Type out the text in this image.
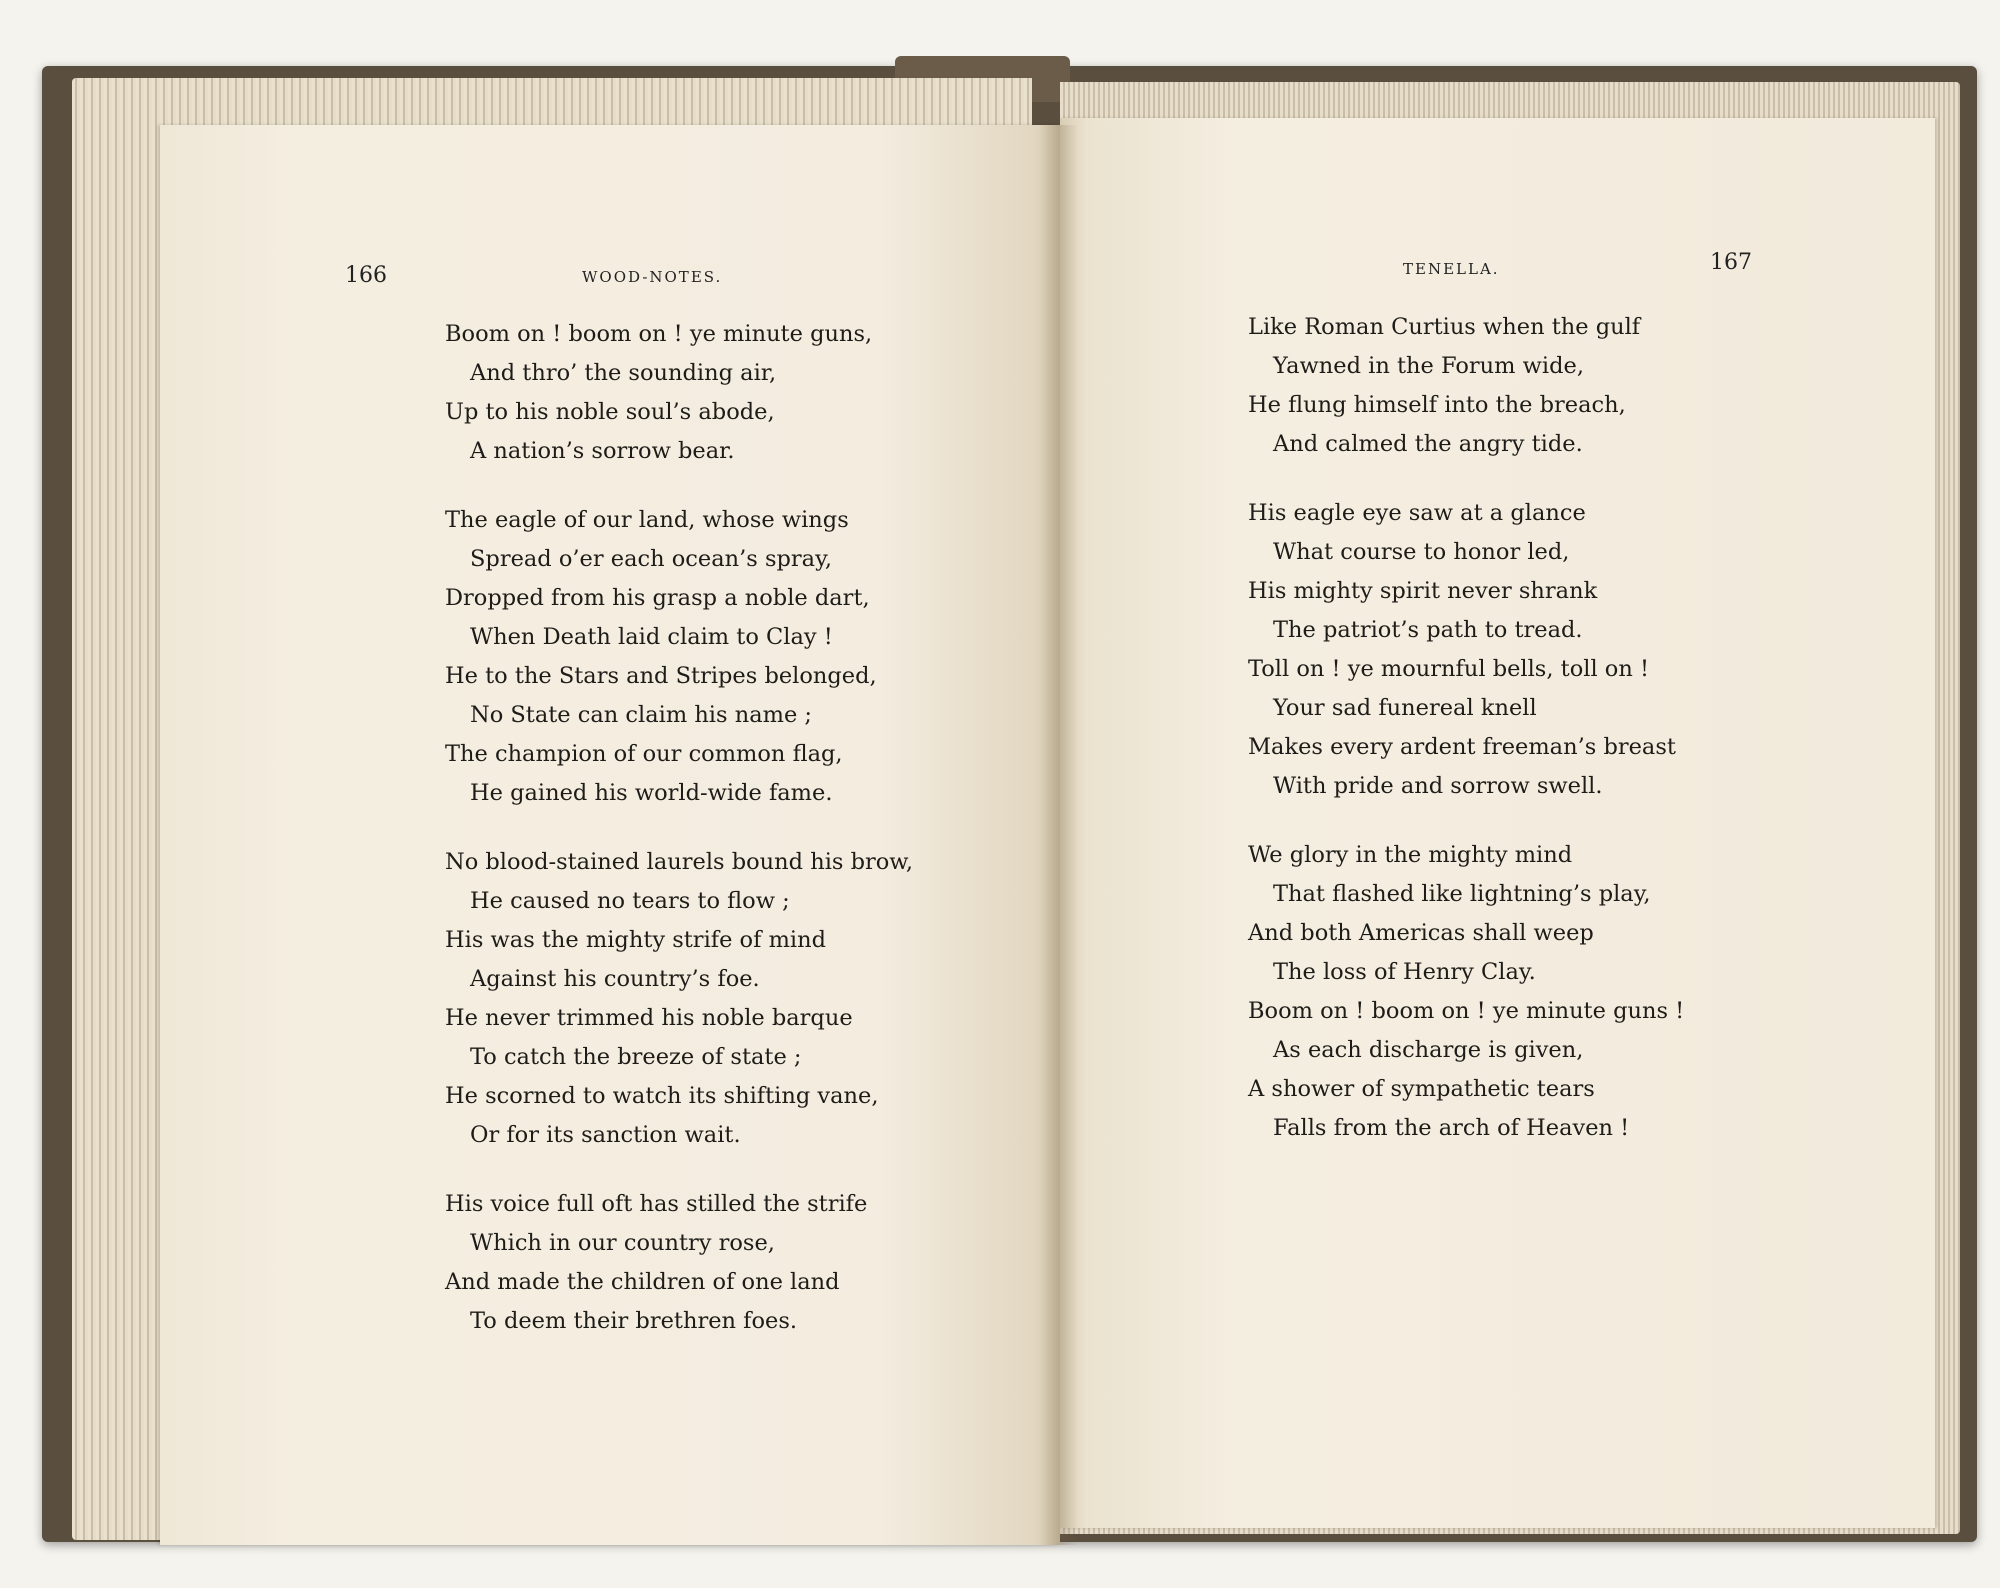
166	WOOD-NOTES.
Boom on ! boom on ! ye minute guns,
And thro’ the sounding air,
Up to his noble soul’s abode,
A nation’s sorrow bear.
The eagle of our land, whose wings
Spread o’er each ocean’s spray,
Dropped from his grasp a noble dart,
When Death laid claim to Clay !
He to the Stars and Stripes belonged,
No State can claim his name ;
The champion of our common flag,
He gained his world-wide fame.
No blood-stained laurels bound his brow,
He caused no tears to flow ;
His was the mighty strife of mind
Against his country’s foe.
He never trimmed his noble barque
To catch the breeze of state ;
He scorned to watch its shifting vane,
Or for its sanction wait.
His voice full oft has stilled the strife
Which in our country rose,
And made the children of one land
To deem their brethren foes.
167
TENELLA.
Like Roman Curtius when the gulf
Yawned in the Forum wide,
He flung himself into the breach,
And calmed the angry tide.
His eagle eye saw at a glance
What course to honor led,
His mighty spirit never shrank
The patriot’s path to tread.
Toll on ! ye mournful bells, toll on !
Your sad funereal knell
Makes every ardent freeman’s breast
With pride and sorrow swell.
We glory in the mighty mind
That flashed like lightning’s play,
And both Americas shall weep
The loss of Henry Clay.
Boom on ! boom on ! ye minute guns !
As each discharge is given,
A shower of sympathetic tears
Falls from the arch of Heaven !
